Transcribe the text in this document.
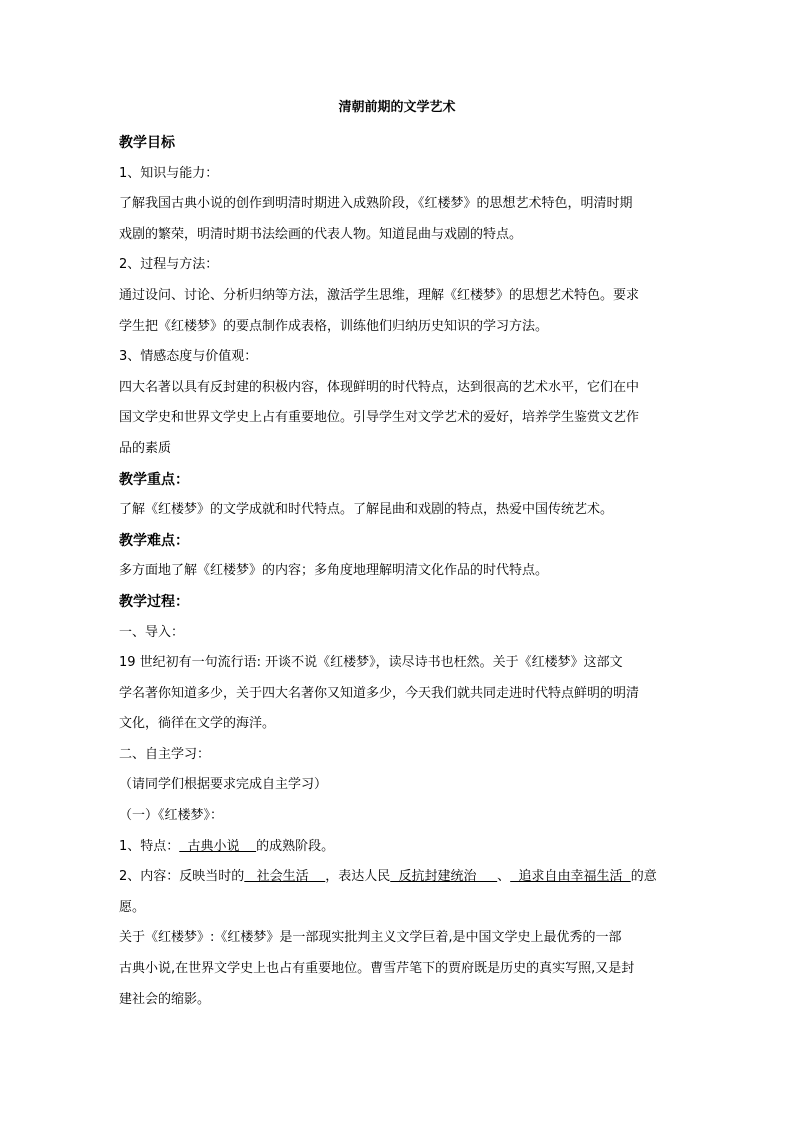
清朝前期的文学艺术
教学目标
1、知识与能力：
了解我国古典小说的创作到明清时期进入成熟阶段，《红楼梦》的思想艺术特色，明清时期
戏剧的繁荣，明清时期书法绘画的代表人物。知道昆曲与戏剧的特点。
2、过程与方法：
通过设问、讨论、分析归纳等方法，激活学生思维，理解《红楼梦》的思想艺术特色。要求
学生把《红楼梦》的要点制作成表格，训练他们归纳历史知识的学习方法。
3、情感态度与价值观：
四大名著以具有反封建的积极内容，体现鲜明的时代特点，达到很高的艺术水平，它们在中
国文学史和世界文学史上占有重要地位。引导学生对文学艺术的爱好，培养学生鉴赏文艺作
品的素质
教学重点：
了解《红楼梦》的文学成就和时代特点。了解昆曲和戏剧的特点，热爱中国传统艺术。
教学难点：
多方面地了解《红楼梦》的内容；多角度地理解明清文化作品的时代特点。
教学过程：
一、导入：
19 世纪初有一句流行语: 开谈不说《红楼梦》，读尽诗书也枉然。关于《红楼梦》这部文
学名著你知道多少，关于四大名著你又知道多少，今天我们就共同走进时代特点鲜明的明清
文化，徜徉在文学的海洋。
二、自主学习：
（请同学们根据要求完成自主学习）
（一）《红楼梦》：
1、特点：  古典小说    的成熟阶段。
2、内容：反映当时的   社会生活    ，表达人民  反抗封建统治     、  追求自由幸福生活  的意
愿。
关于《红楼梦》:《红楼梦》是一部现实批判主义文学巨着,是中国文学史上最优秀的一部
古典小说,在世界文学史上也占有重要地位。曹雪芹笔下的贾府既是历史的真实写照,又是封
建社会的缩影。
